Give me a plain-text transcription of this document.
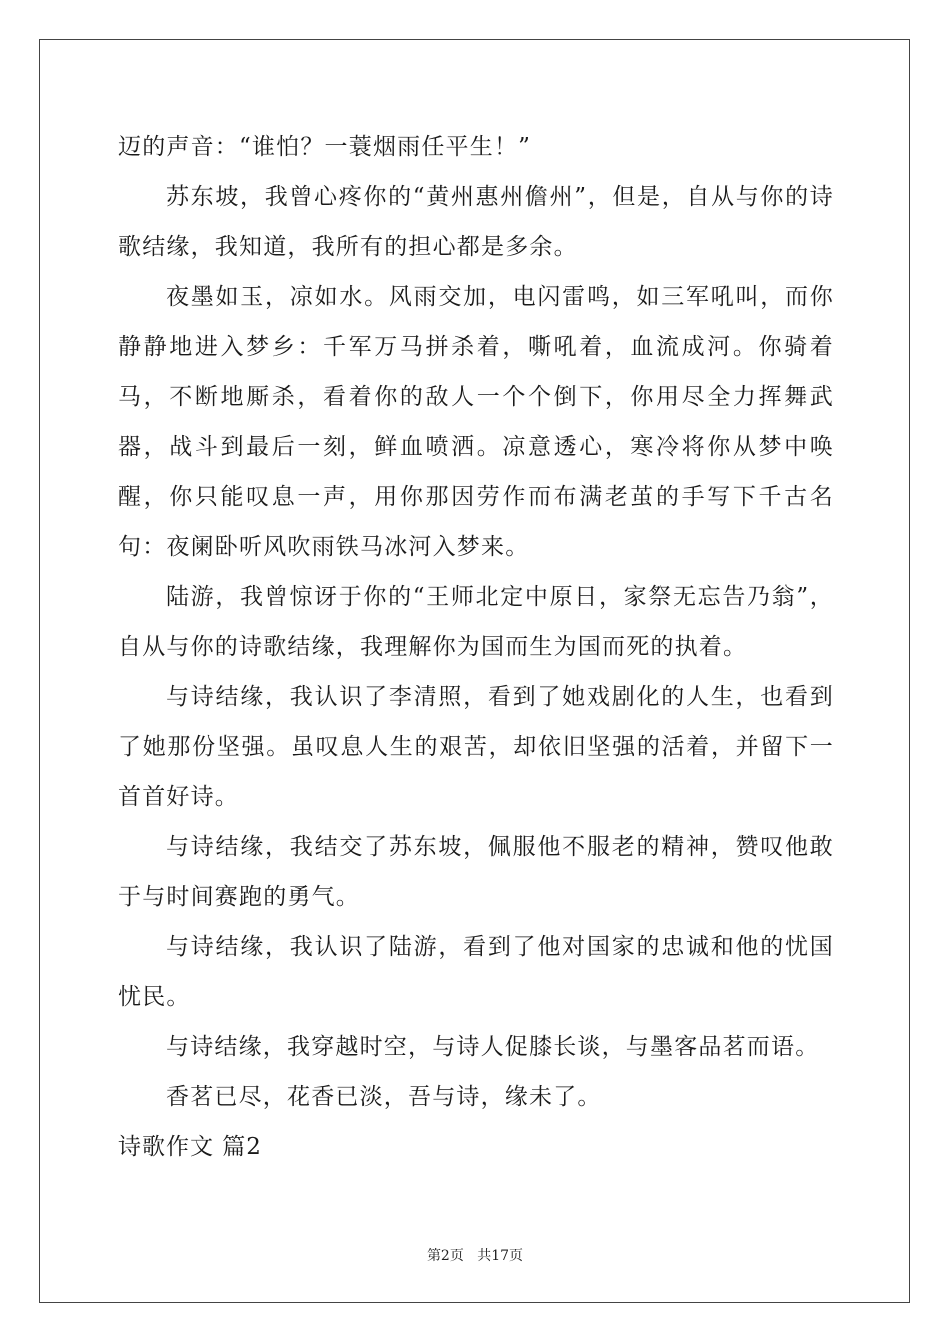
迈的声音：“谁怕？一蓑烟雨任平生！”

苏东坡，我曾心疼你的“黄州惠州儋州”，但是，自从与你的诗歌结缘，我知道，我所有的担心都是多余。

夜墨如玉，凉如水。风雨交加，电闪雷鸣，如三军吼叫，而你静静地进入梦乡：千军万马拼杀着，嘶吼着，血流成河。你骑着马，不断地厮杀，看着你的敌人一个个倒下，你用尽全力挥舞武器，战斗到最后一刻，鲜血喷洒。凉意透心，寒冷将你从梦中唤醒，你只能叹息一声，用你那因劳作而布满老茧的手写下千古名句：夜阑卧听风吹雨铁马冰河入梦来。

陆游，我曾惊讶于你的“王师北定中原日，家祭无忘告乃翁”，自从与你的诗歌结缘，我理解你为国而生为国而死的执着。

与诗结缘，我认识了李清照，看到了她戏剧化的人生，也看到了她那份坚强。虽叹息人生的艰苦，却依旧坚强的活着，并留下一首首好诗。

与诗结缘，我结交了苏东坡，佩服他不服老的精神，赞叹他敢于与时间赛跑的勇气。

与诗结缘，我认识了陆游，看到了他对国家的忠诚和他的忧国忧民。

与诗结缘，我穿越时空，与诗人促膝长谈，与墨客品茗而语。

香茗已尽，花香已淡，吾与诗，缘未了。

诗歌作文 篇2

第2页 共17页
